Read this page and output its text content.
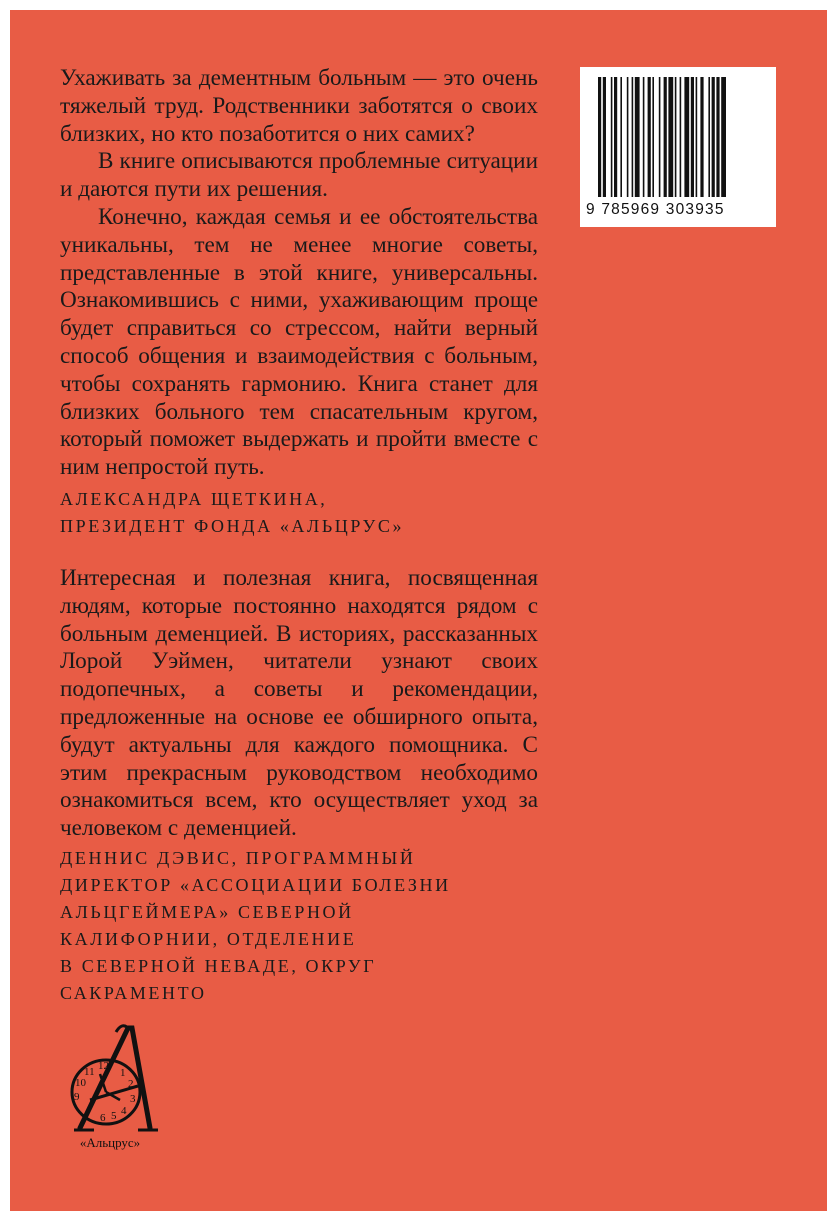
Ухаживать за дементным больным — это очень тяжелый труд. Родственники заботятся о своих близких, но кто позаботится о них самих?

В книге описываются проблемные ситуации и даются пути их решения.

Конечно, каждая семья и ее обстоятельства уникальны, тем не менее многие советы, представленные в этой книге, универсальны. Ознакомившись с ними, ухаживающим проще будет справиться со стрессом, найти верный способ общения и взаимодействия с больным, чтобы сохранять гармонию. Книга станет для близких больного тем спасательным кругом, который поможет выдержать и пройти вместе с ним непростой путь.

АЛЕКСАНДРА ЩЕТКИНА,
ПРЕЗИДЕНТ ФОНДА «АЛЬЦРУС»

Интересная и полезная книга, посвященная людям, которые постоянно находятся рядом с больным деменцией. В историях, рассказанных Лорой Уэймен, читатели узнают своих подопечных, а советы и рекомендации, предложенные на основе ее обширного опыта, будут актуальны для каждого помощника. С этим прекрасным руководством необходимо ознакомиться всем, кто осуществляет уход за человеком с деменцией.

ДЕННИС ДЭВИС, ПРОГРАММНЫЙ
ДИРЕКТОР «АССОЦИАЦИИ БОЛЕЗНИ
АЛЬЦГЕЙМЕРА» СЕВЕРНОЙ
КАЛИФОРНИИ, ОТДЕЛЕНИЕ
В СЕВЕРНОЙ НЕВАДЕ, ОКРУГ
САКРАМЕНТО
9 785969 303935
10
11 12
1
2
9	3
6 5 4
«Альцрус»
